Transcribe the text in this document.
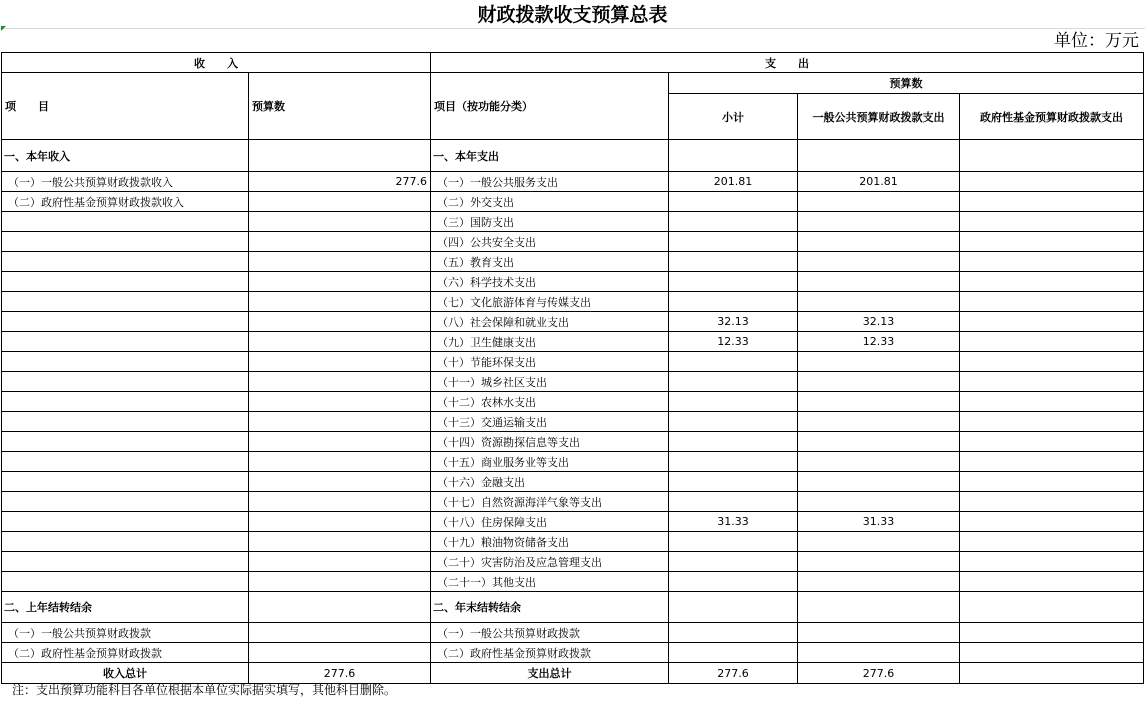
财政拨款收支预算总表
单位：万元
收　　入		支　　出			
项　　目	预算数	项目（按功能分类）	预算数		
			小计	一般公共预算财政拨款支出	政府性基金预算财政拨款支出
一、本年收入		一、本年支出			
（一）一般公共预算财政拨款收入	277.6	（一）一般公共服务支出	201.81	201.81	
（二）政府性基金预算财政拨款收入		（二）外交支出			
		（三）国防支出			
		（四）公共安全支出			
		（五）教育支出			
		（六）科学技术支出			
		（七）文化旅游体育与传媒支出			
		（八）社会保障和就业支出	32.13	32.13	
		（九）卫生健康支出	12.33	12.33	
		（十）节能环保支出			
		（十一）城乡社区支出			
		（十二）农林水支出			
		（十三）交通运输支出			
		（十四）资源勘探信息等支出			
		（十五）商业服务业等支出			
		（十六）金融支出			
		（十七）自然资源海洋气象等支出			
		（十八）住房保障支出	31.33	31.33	
		（十九）粮油物资储备支出			
		（二十）灾害防治及应急管理支出			
		（二十一）其他支出			
二、上年结转结余		二、年末结转结余			
（一）一般公共预算财政拨款		（一）一般公共预算财政拨款			
（二）政府性基金预算财政拨款		（二）政府性基金预算财政拨款			
收入总计	277.6	支出总计	277.6	277.6	
注：支出预算功能科目各单位根据本单位实际据实填写，其他科目删除。
